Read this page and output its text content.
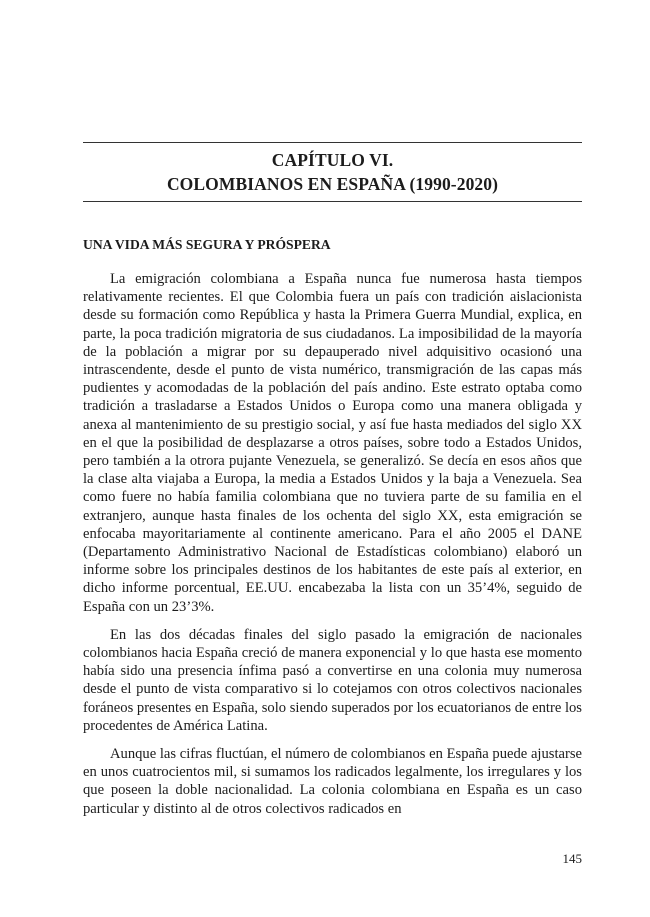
CAPÍTULO VI.
COLOMBIANOS EN ESPAÑA (1990-2020)
UNA VIDA MÁS SEGURA Y PRÓSPERA

La emigración colombiana a España nunca fue numerosa hasta tiempos relativamente recientes. El que Colombia fuera un país con tradición aislacionista desde su formación como República y hasta la Primera Guerra Mundial, explica, en parte, la poca tradición migratoria de sus ciudadanos. La imposibilidad de la mayoría de la población a migrar por su depauperado nivel adquisitivo ocasionó una intrascendente, desde el punto de vista numérico, transmigración de las capas más pudientes y acomodadas de la población del país andino. Este estrato optaba como tradición a trasladarse a Estados Unidos o Europa como una manera obligada y anexa al mantenimiento de su prestigio social, y así fue hasta mediados del siglo XX en el que la posibilidad de desplazarse a otros países, sobre todo a Estados Unidos, pero también a la otrora pujante Venezuela, se generalizó. Se decía en esos años que la clase alta viajaba a Europa, la media a Estados Unidos y la baja a Venezuela. Sea como fuere no había familia colombiana que no tuviera parte de su familia en el extranjero, aunque hasta finales de los ochenta del siglo XX, esta emigración se enfocaba mayoritariamente al continente americano. Para el año 2005 el DANE (Departamento Administrativo Nacional de Estadísticas colombiano) elaboró un informe sobre los principales destinos de los habitantes de este país al exterior, en dicho informe porcentual, EE.UU. encabezaba la lista con un 35’4%, seguido de España con un 23’3%.

En las dos décadas finales del siglo pasado la emigración de nacionales colombianos hacia España creció de manera exponencial y lo que hasta ese momento había sido una presencia ínfima pasó a convertirse en una colonia muy numerosa desde el punto de vista comparativo si lo cotejamos con otros colectivos nacionales foráneos presentes en España, solo siendo superados por los ecuatorianos de entre los procedentes de América Latina.

Aunque las cifras fluctúan, el número de colombianos en España puede ajustarse en unos cuatrocientos mil, si sumamos los radicados legalmente, los irregulares y los que poseen la doble nacionalidad. La colonia colombiana en España es un caso particular y distinto al de otros colectivos radicados en

145
